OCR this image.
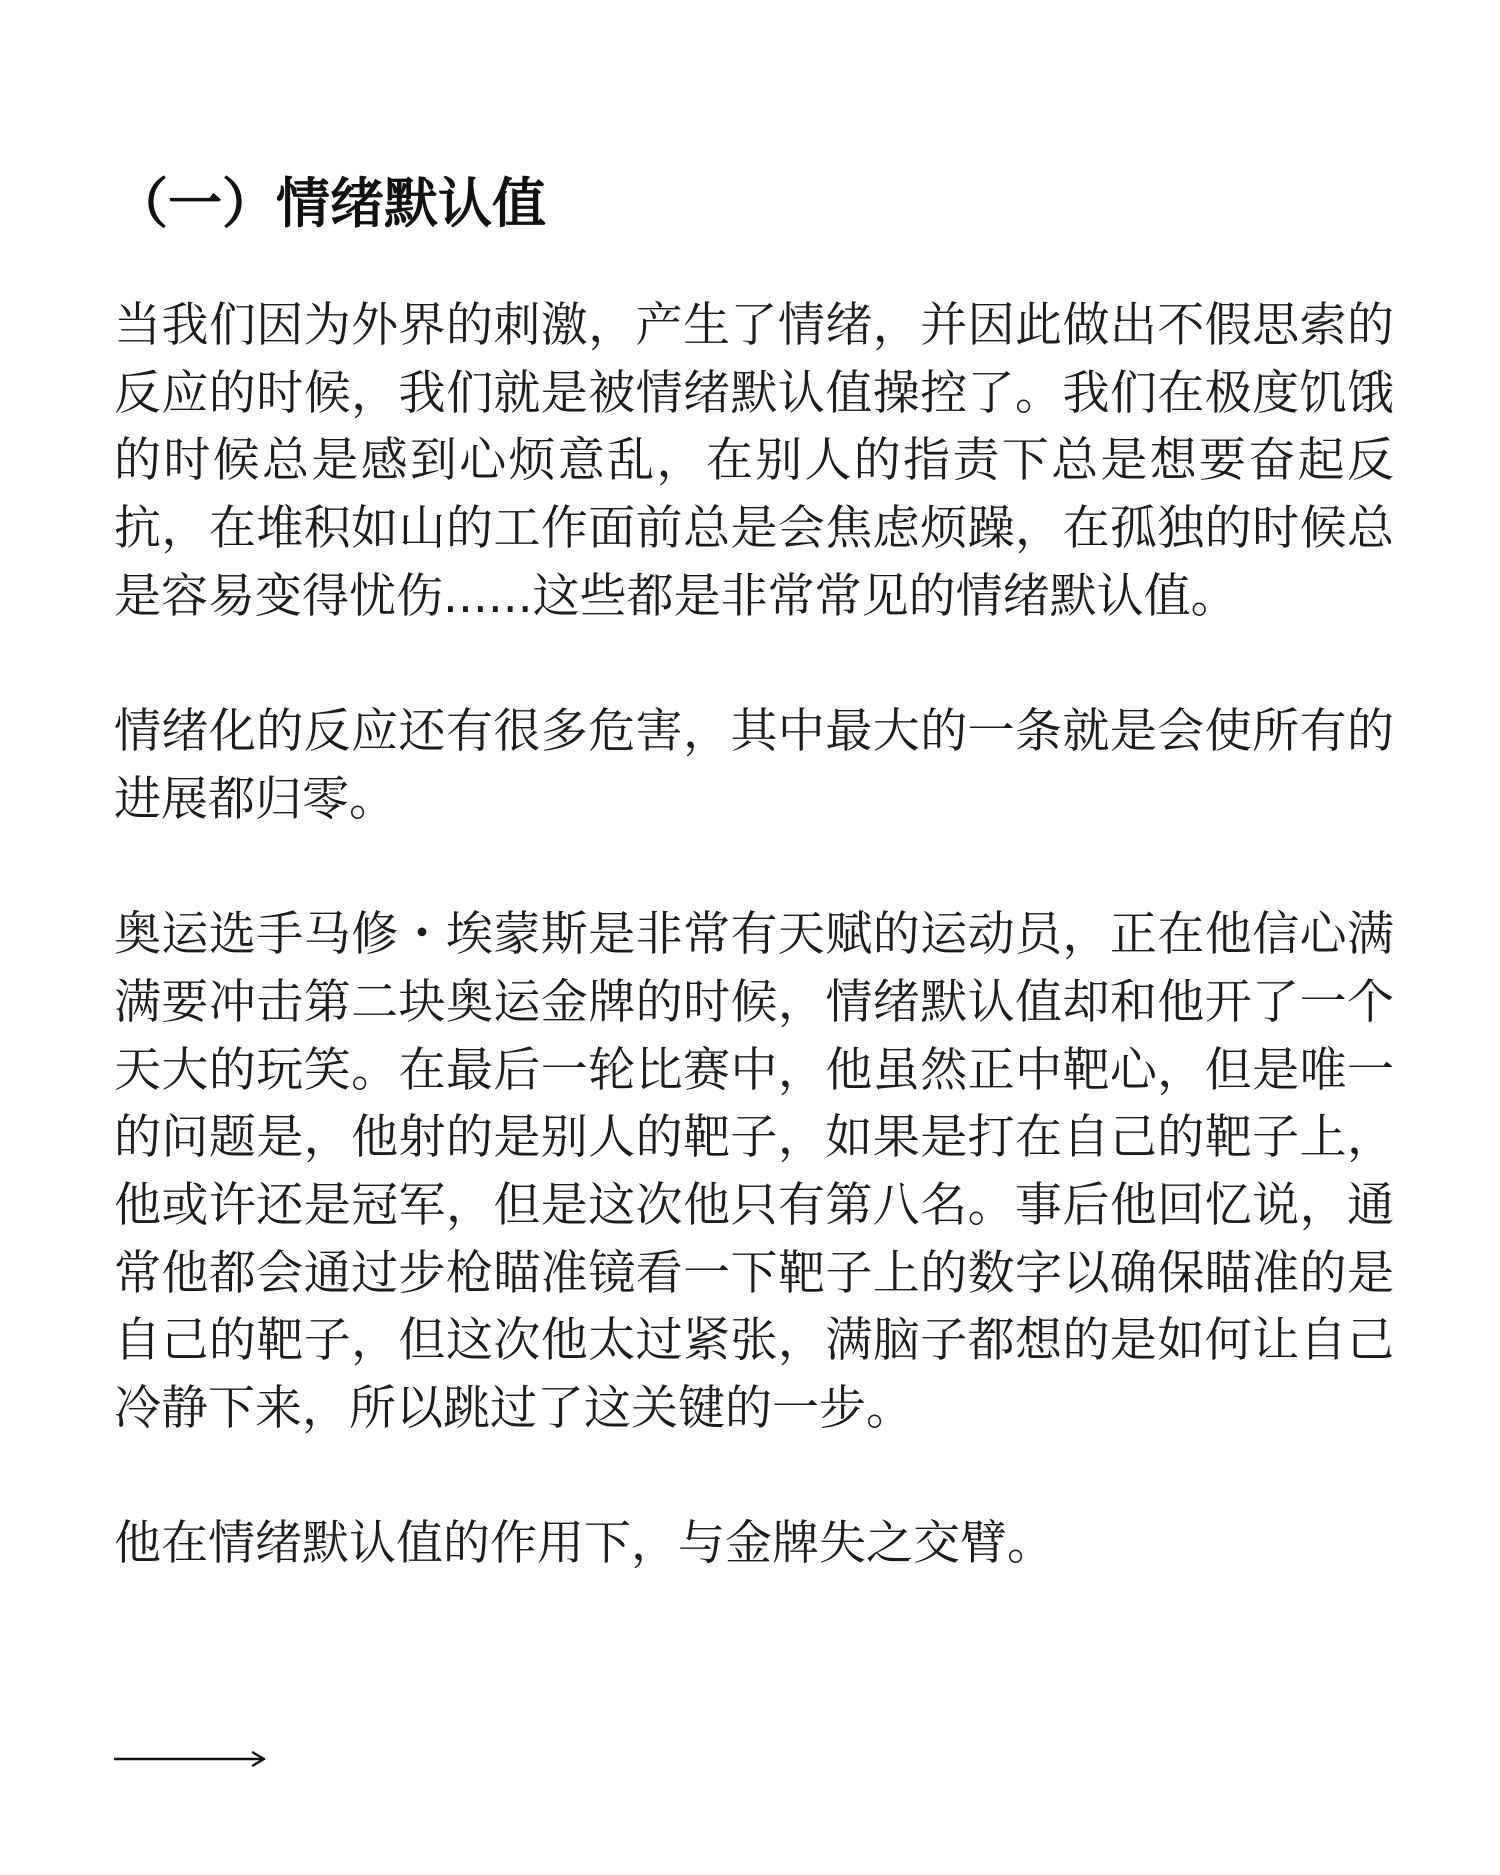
（一）情绪默认值
当我们因为外界的刺激，产生了情绪，并因此做出不假思索的
反应的时候，我们就是被情绪默认值操控了。我们在极度饥饿
的时候总是感到心烦意乱，在别人的指责下总是想要奋起反
抗，在堆积如山的工作面前总是会焦虑烦躁，在孤独的时候总
是容易变得忧伤......这些都是非常常见的情绪默认值。
情绪化的反应还有很多危害，其中最大的一条就是会使所有的
进展都归零。
奥运选手马修・埃蒙斯是非常有天赋的运动员，正在他信心满
满要冲击第二块奥运金牌的时候，情绪默认值却和他开了一个
天大的玩笑。在最后一轮比赛中，他虽然正中靶心，但是唯一
的问题是，他射的是别人的靶子，如果是打在自己的靶子上，
他或许还是冠军，但是这次他只有第八名。事后他回忆说，通
常他都会通过步枪瞄准镜看一下靶子上的数字以确保瞄准的是
自己的靶子，但这次他太过紧张，满脑子都想的是如何让自己
冷静下来，所以跳过了这关键的一步。
他在情绪默认值的作用下，与金牌失之交臂。
